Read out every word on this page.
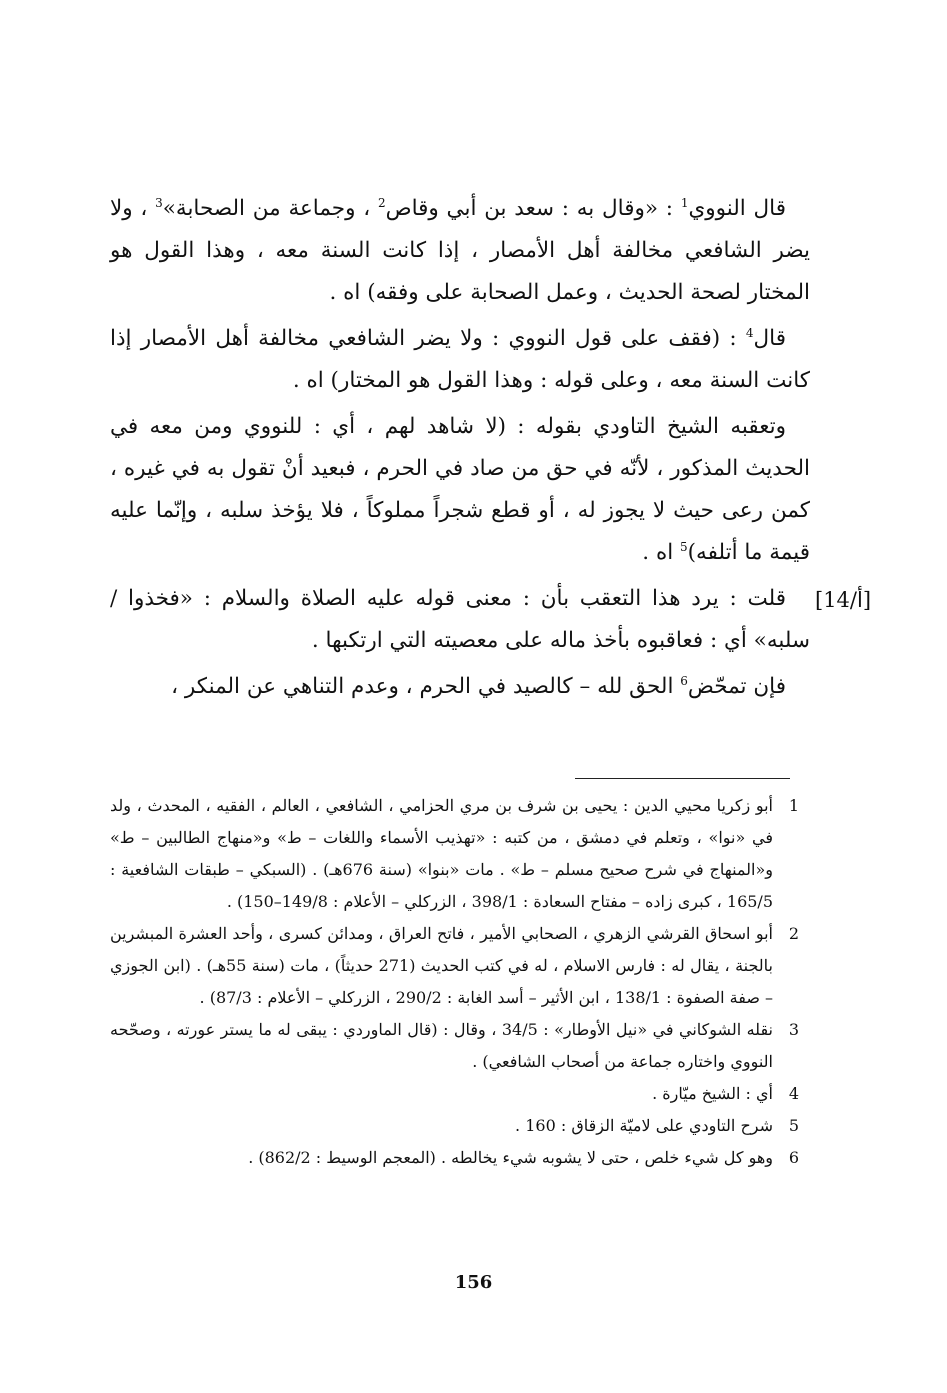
قال النووي$^1$ : «وقال به : سعد بن أبي وقاص$^2$ ، وجماعة من الصحابة»$^3$ ، ولا يضر الشافعي مخالفة أهل الأمصار ، إذا كانت السنة معه ، وهذا القول هو المختار لصحة الحديث ، وعمل الصحابة على وفقه) اه .

قال$^4$ : (فقف على قول النووي : ولا يضر الشافعي مخالفة أهل الأمصار إذا كانت السنة معه ، وعلى قوله : وهذا القول هو المختار) اه .

وتعقبه الشيخ التاودي بقوله : (لا شاهد لهم ، أي : للنووي ومن معه في الحديث المذكور ، لأنّه في حق من صاد في الحرم ، فبعيد أنْ تقول به في غيره ، كمن رعى حيث لا يجوز له ، أو قطع شجراً مملوكاً ، فلا يؤخذ سلبه ، وإنّما عليه قيمة ما أتلفه)$^5$ اه .

قلت : يرد هذا التعقب بأن : معنى قوله عليه الصلاة والسلام : «فخذوا / سلبه» أي : فعاقبوه بأخذ ماله على معصيته التي ارتكبها .

فإن تمحّض$^6$ الحق لله – كالصيد في الحرم ، وعدم التناهي عن المنكر ،

[14/أ]
1
أبو زكريا محيي الدين : يحيى بن شرف بن مري الحزامي ، الشافعي ، العالم ، الفقيه ، المحدث ، ولد في «نوا» ، وتعلم في دمشق ، من كتبه : «تهذيب الأسماء واللغات – ط» و«منهاج الطالبين – ط» و«المنهاج في شرح صحيح مسلم – ط» . مات «بنوا» (سنة 676هـ) . (السبكي – طبقات الشافعية : 165/5 ، كبرى زاده – مفتاح السعادة : 398/1 ، الزركلي – الأعلام : 149/8–150) .
2
أبو اسحاق القرشي الزهري ، الصحابي الأمير ، فاتح العراق ، ومدائن كسرى ، وأحد العشرة المبشرين بالجنة ، يقال له : فارس الاسلام ، له في كتب الحديث (271 حديثاً) ، مات (سنة 55هـ) . (ابن الجوزي – صفة الصفوة : 138/1 ، ابن الأثير – أسد الغابة : 290/2 ، الزركلي – الأعلام : 87/3) .
3
نقله الشوكاني في «نيل الأوطار» : 34/5 ، وقال : (قال الماوردي : يبقى له ما يستر عورته ، وصحّحه النووي واختاره جماعة من أصحاب الشافعي) .
4
أي : الشيخ ميّارة .
5
شرح التاودي على لاميّة الزقاق : 160 .
6
وهو كل شيء خلص ، حتى لا يشوبه شيء يخالطه . (المعجم الوسيط : 862/2) .
156
